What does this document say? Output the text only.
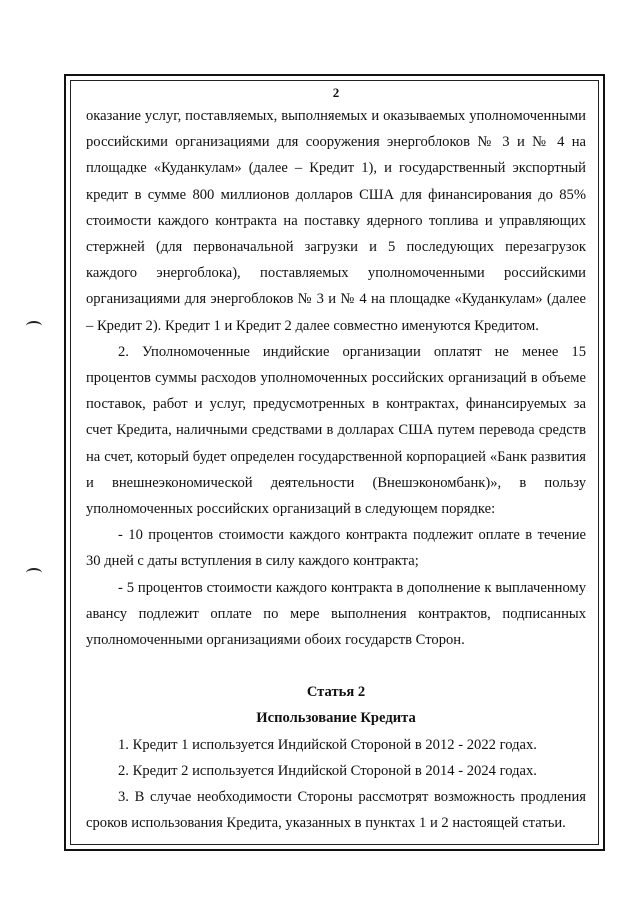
2

оказание услуг, поставляемых, выполняемых и оказываемых уполномоченными российскими организациями для сооружения энергоблоков № 3 и № 4 на площадке «Куданкулам» (далее – Кредит 1), и государственный экспортный кредит в сумме 800 миллионов долларов США для финансирования до 85% стоимости каждого контракта на поставку ядерного топлива и управляющих стержней (для первоначальной загрузки и 5 последующих перезагрузок каждого энергоблока), поставляемых уполномоченными российскими организациями для энергоблоков № 3 и № 4 на площадке «Куданкулам» (далее – Кредит 2). Кредит 1 и Кредит 2 далее совместно именуются Кредитом.

2. Уполномоченные индийские организации оплатят не менее 15 процентов суммы расходов уполномоченных российских организаций в объеме поставок, работ и услуг, предусмотренных в контрактах, финансируемых за счет Кредита, наличными средствами в долларах США путем перевода средств на счет, который будет определен государственной корпорацией «Банк развития и внешнеэкономической деятельности (Внешэкономбанк)», в пользу уполномоченных российских организаций в следующем порядке:

- 10 процентов стоимости каждого контракта подлежит оплате в течение 30 дней с даты вступления в силу каждого контракта;

- 5 процентов стоимости каждого контракта в дополнение к выплаченному авансу подлежит оплате по мере выполнения контрактов, подписанных уполномоченными организациями обоих государств Сторон.

Статья 2

Использование Кредита

1. Кредит 1 используется Индийской Стороной в 2012 - 2022 годах.

2. Кредит 2 используется Индийской Стороной в 2014 - 2024 годах.

3. В случае необходимости Стороны рассмотрят возможность продления сроков использования Кредита, указанных в пунктах 1 и 2 настоящей статьи.
